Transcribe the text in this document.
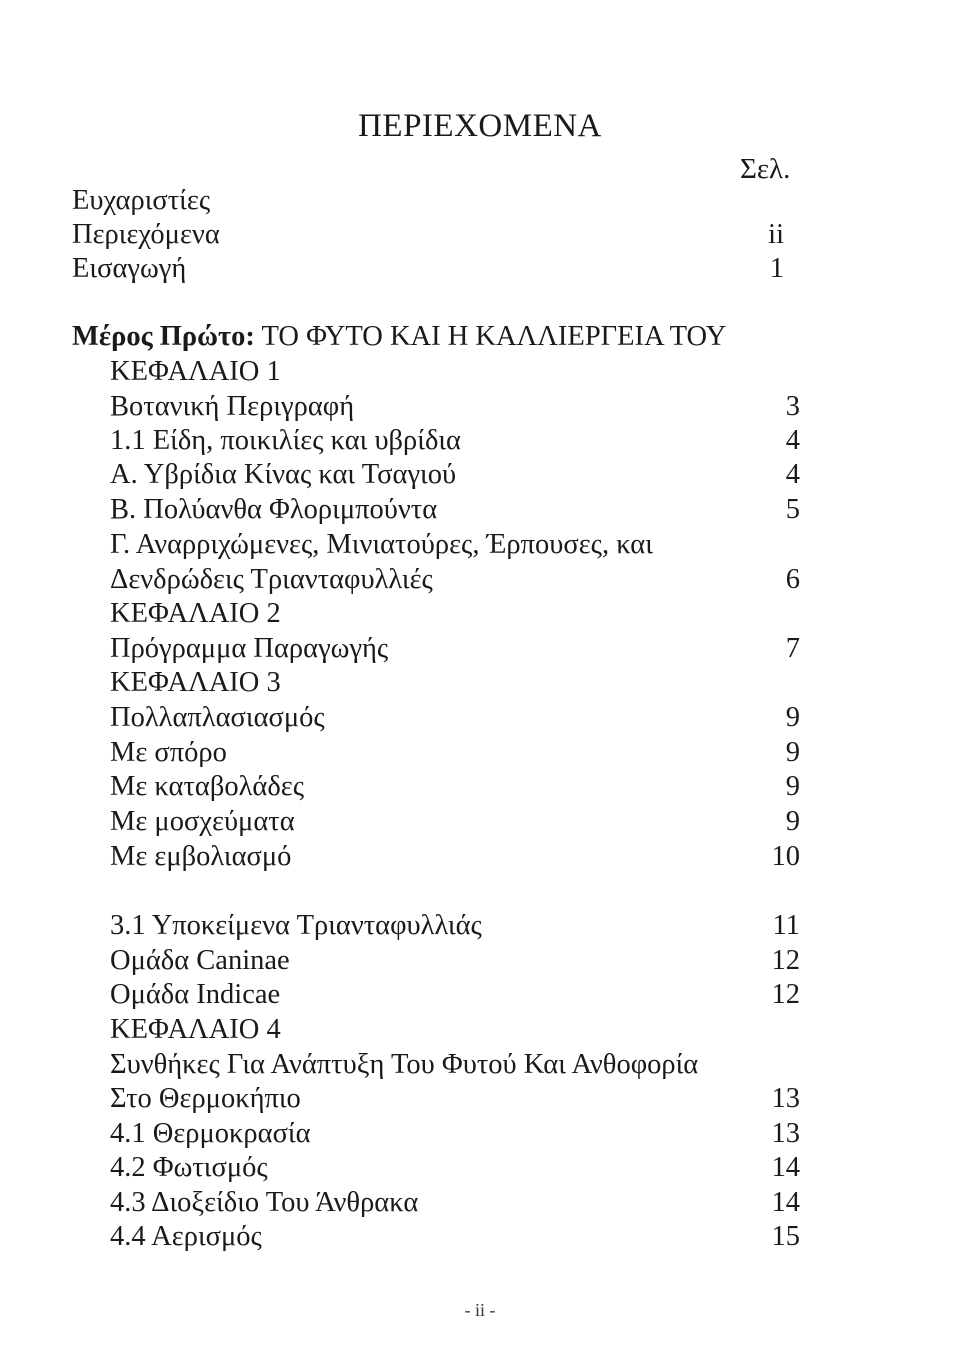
ΠΕΡΙΕΧΟΜΕΝΑ
Σελ.
Ευχαριστίες
Περιεχόμενα	ii
Εισαγωγή	1
Μέρος Πρώτο: ΤΟ ΦΥΤΟ ΚΑΙ Η ΚΑΛΛΙΕΡΓΕΙΑ ΤΟΥ
ΚΕΦΑΛΑΙΟ 1
Βοτανική Περιγραφή	3
1.1 Είδη, ποικιλίες και υβρίδια	4
Α. Υβρίδια Κίνας και Τσαγιού	4
Β. Πολύανθα Φλοριμπούντα	5
Γ. Αναρριχώμενες, Μινιατούρες, Έρπουσες, και
Δενδρώδεις Τριανταφυλλιές	6
ΚΕΦΑΛΑΙΟ 2
Πρόγραμμα Παραγωγής	7
ΚΕΦΑΛΑΙΟ 3
Πολλαπλασιασμός	9
Με σπόρο	9
Με καταβολάδες	9
Με μοσχεύματα	9
Με εμβολιασμό	10
3.1 Υποκείμενα Τριανταφυλλιάς	11
Ομάδα Caninae	12
Ομάδα Indicae	12
ΚΕΦΑΛΑΙΟ 4
Συνθήκες Για Ανάπτυξη Του Φυτού Και Ανθοφορία
Στο Θερμοκήπιο	13
4.1 Θερμοκρασία	13
4.2 Φωτισμός	14
4.3 Διοξείδιο Του Άνθρακα	14
4.4 Αερισμός	15
- ii -
